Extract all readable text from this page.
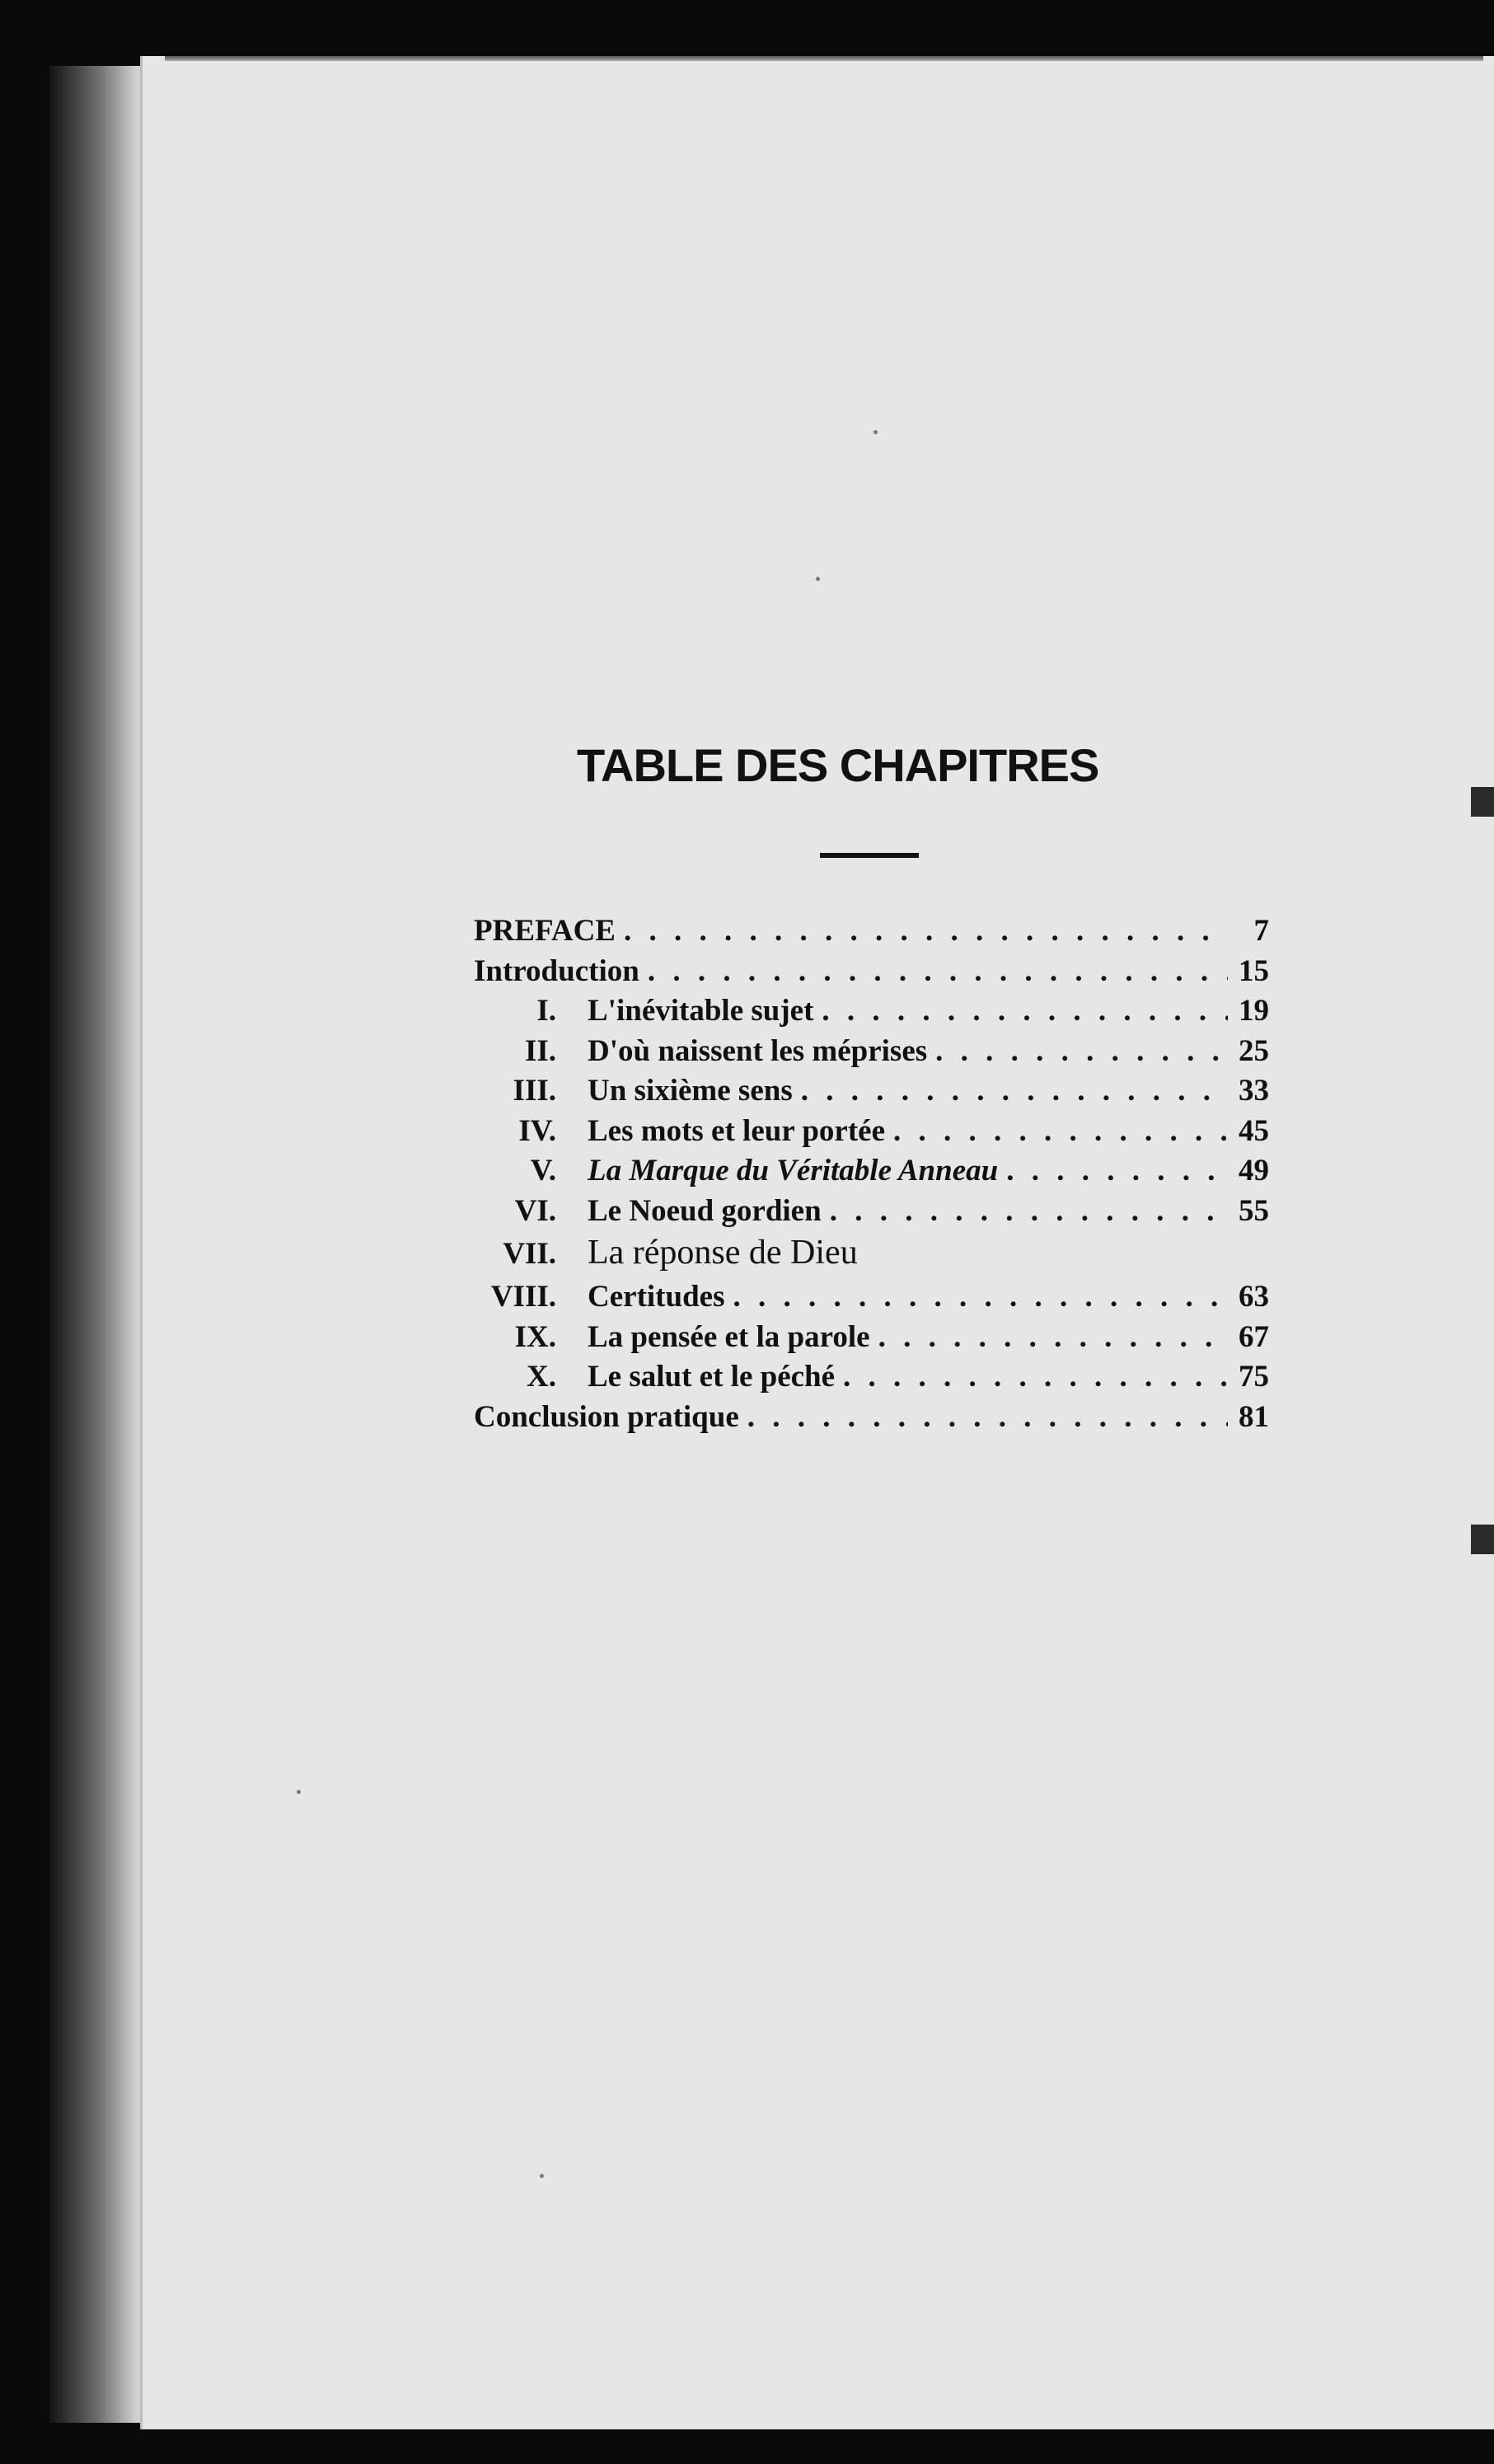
TABLE DES CHAPITRES
PREFACE . . .	7
Introduction . . .	15
I.	L'inévitable sujet . . .	19
II.	D'où naissent les méprises . . .	25
III.	Un sixième sens . . .	33
IV.	Les mots et leur portée . . .	45
V.	La Marque du Véritable Anneau . . .	49
VI.	Le Noeud gordien . . .	55
VII. La réponse de Dieu
VIII.	Certitudes . . .	63
IX.	La pensée et la parole . . .	67
X.	Le salut et le péché . . .	75
Conclusion pratique . . .	81
